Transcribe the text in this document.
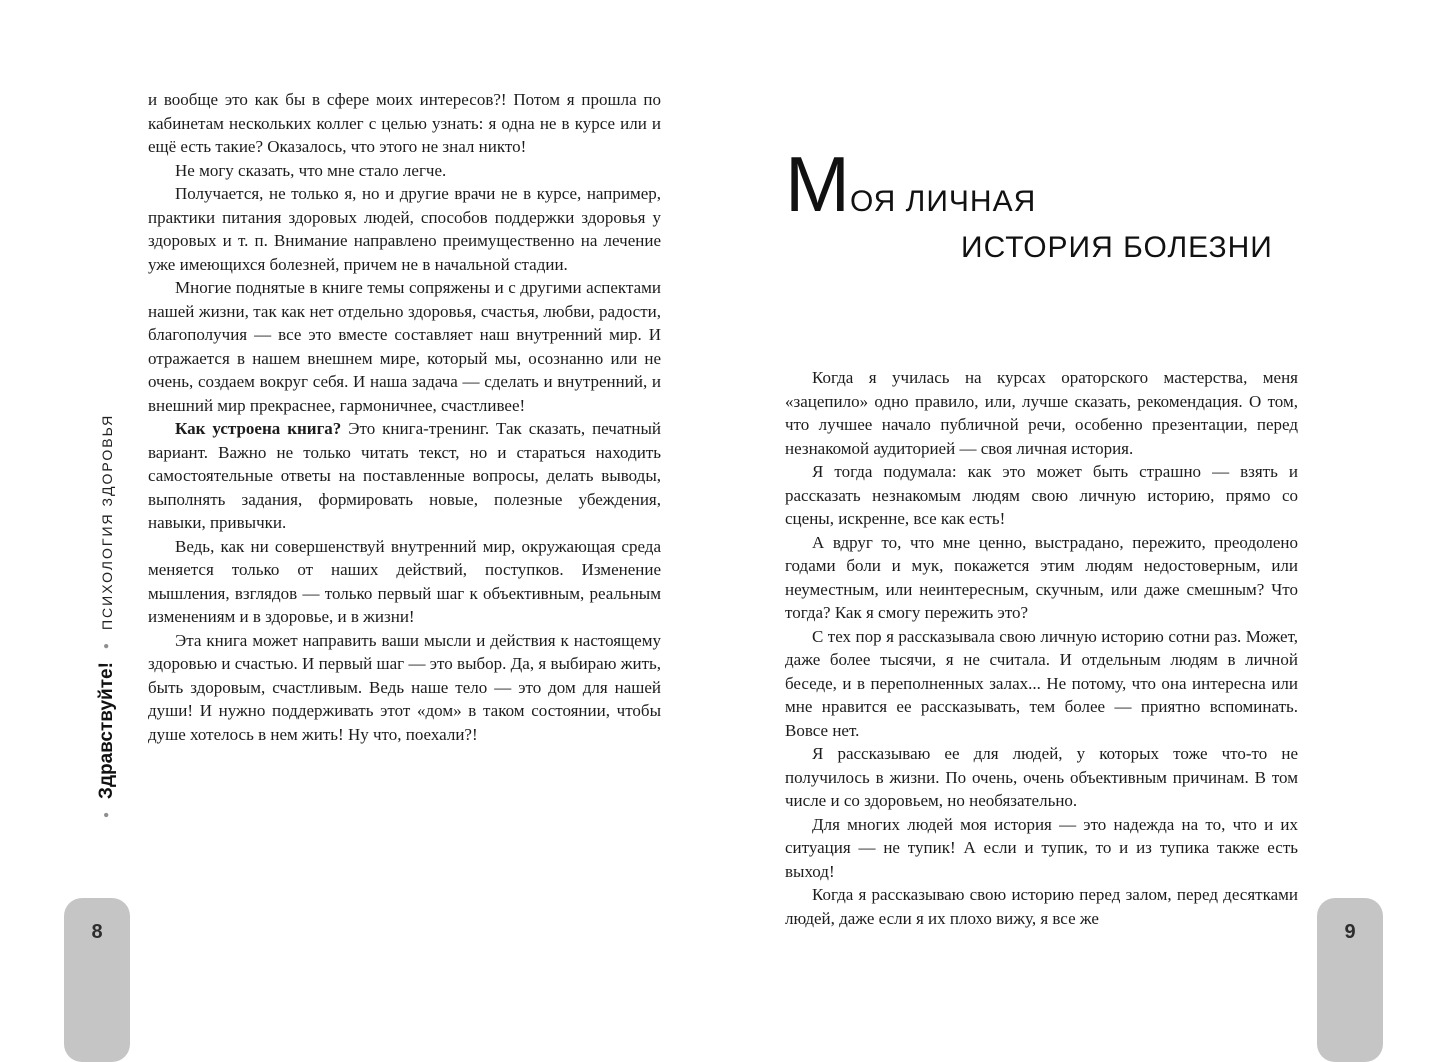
●
Здравствуйте!
●
ПСИХОЛОГИЯ ЗДОРОВЬЯ

и вообще это как бы в сфере моих интересов?! Потом я прошла по кабинетам нескольких коллег с целью узнать: я одна не в курсе или и ещё есть такие? Оказалось, что этого не знал никто!

Не могу сказать, что мне стало легче.

Получается, не только я, но и другие врачи не в курсе, например, практики питания здоровых людей, способов поддержки здоровья у здоровых и т. п. Внимание направлено преимущественно на лечение уже имеющихся болезней, причем не в начальной стадии.

Многие поднятые в книге темы сопряжены и с другими аспектами нашей жизни, так как нет отдельно здоровья, счастья, любви, радости, благополучия — все это вместе составляет наш внутренний мир. И отражается в нашем внешнем мире, который мы, осознанно или не очень, создаем вокруг себя. И наша задача — сделать и внутренний, и внешний мир прекраснее, гармоничнее, счастливее!

Как устроена книга? Это книга-тренинг. Так сказать, печатный вариант. Важно не только читать текст, но и стараться находить самостоятельные ответы на поставленные вопросы, делать выводы, выполнять задания, формировать новые, полезные убеждения, навыки, привычки.

Ведь, как ни совершенствуй внутренний мир, окружающая среда меняется только от наших действий, поступков. Изменение мышления, взглядов — только первый шаг к объективным, реальным изменениям и в здоровье, и в жизни!

Эта книга может направить ваши мысли и действия к настоящему здоровью и счастью. И первый шаг — это выбор. Да, я выбираю жить, быть здоровым, счастливым. Ведь наше тело — это дом для нашей души! И нужно поддерживать этот «дом» в таком состоянии, чтобы душе хотелось в нем жить! Ну что, поехали?!

МОЯ ЛИЧНАЯ
ИСТОРИЯ БОЛЕЗНИ

Когда я училась на курсах ораторского мастерства, меня «зацепило» одно правило, или, лучше сказать, рекомендация. О том, что лучшее начало публичной речи, особенно презентации, перед незнакомой аудиторией — своя личная история.

Я тогда подумала: как это может быть страшно — взять и рассказать незнакомым людям свою личную историю, прямо со сцены, искренне, все как есть!

А вдруг то, что мне ценно, выстрадано, пережито, преодолено годами боли и мук, покажется этим людям недостоверным, или неуместным, или неинтересным, скучным, или даже смешным? Что тогда? Как я смогу пережить это?

С тех пор я рассказывала свою личную историю сотни раз. Может, даже более тысячи, я не считала. И отдельным людям в личной беседе, и в переполненных залах... Не потому, что она интересна или мне нравится ее рассказывать, тем более — приятно вспоминать. Вовсе нет.

Я рассказываю ее для людей, у которых тоже что-то не получилось в жизни. По очень, очень объективным причинам. В том числе и со здоровьем, но необязательно.

Для многих людей моя история — это надежда на то, что и их ситуация — не тупик! А если и тупик, то и из тупика также есть выход!

Когда я рассказываю свою историю перед залом, перед десятками людей, даже если я их плохо вижу, я все же

8	9
